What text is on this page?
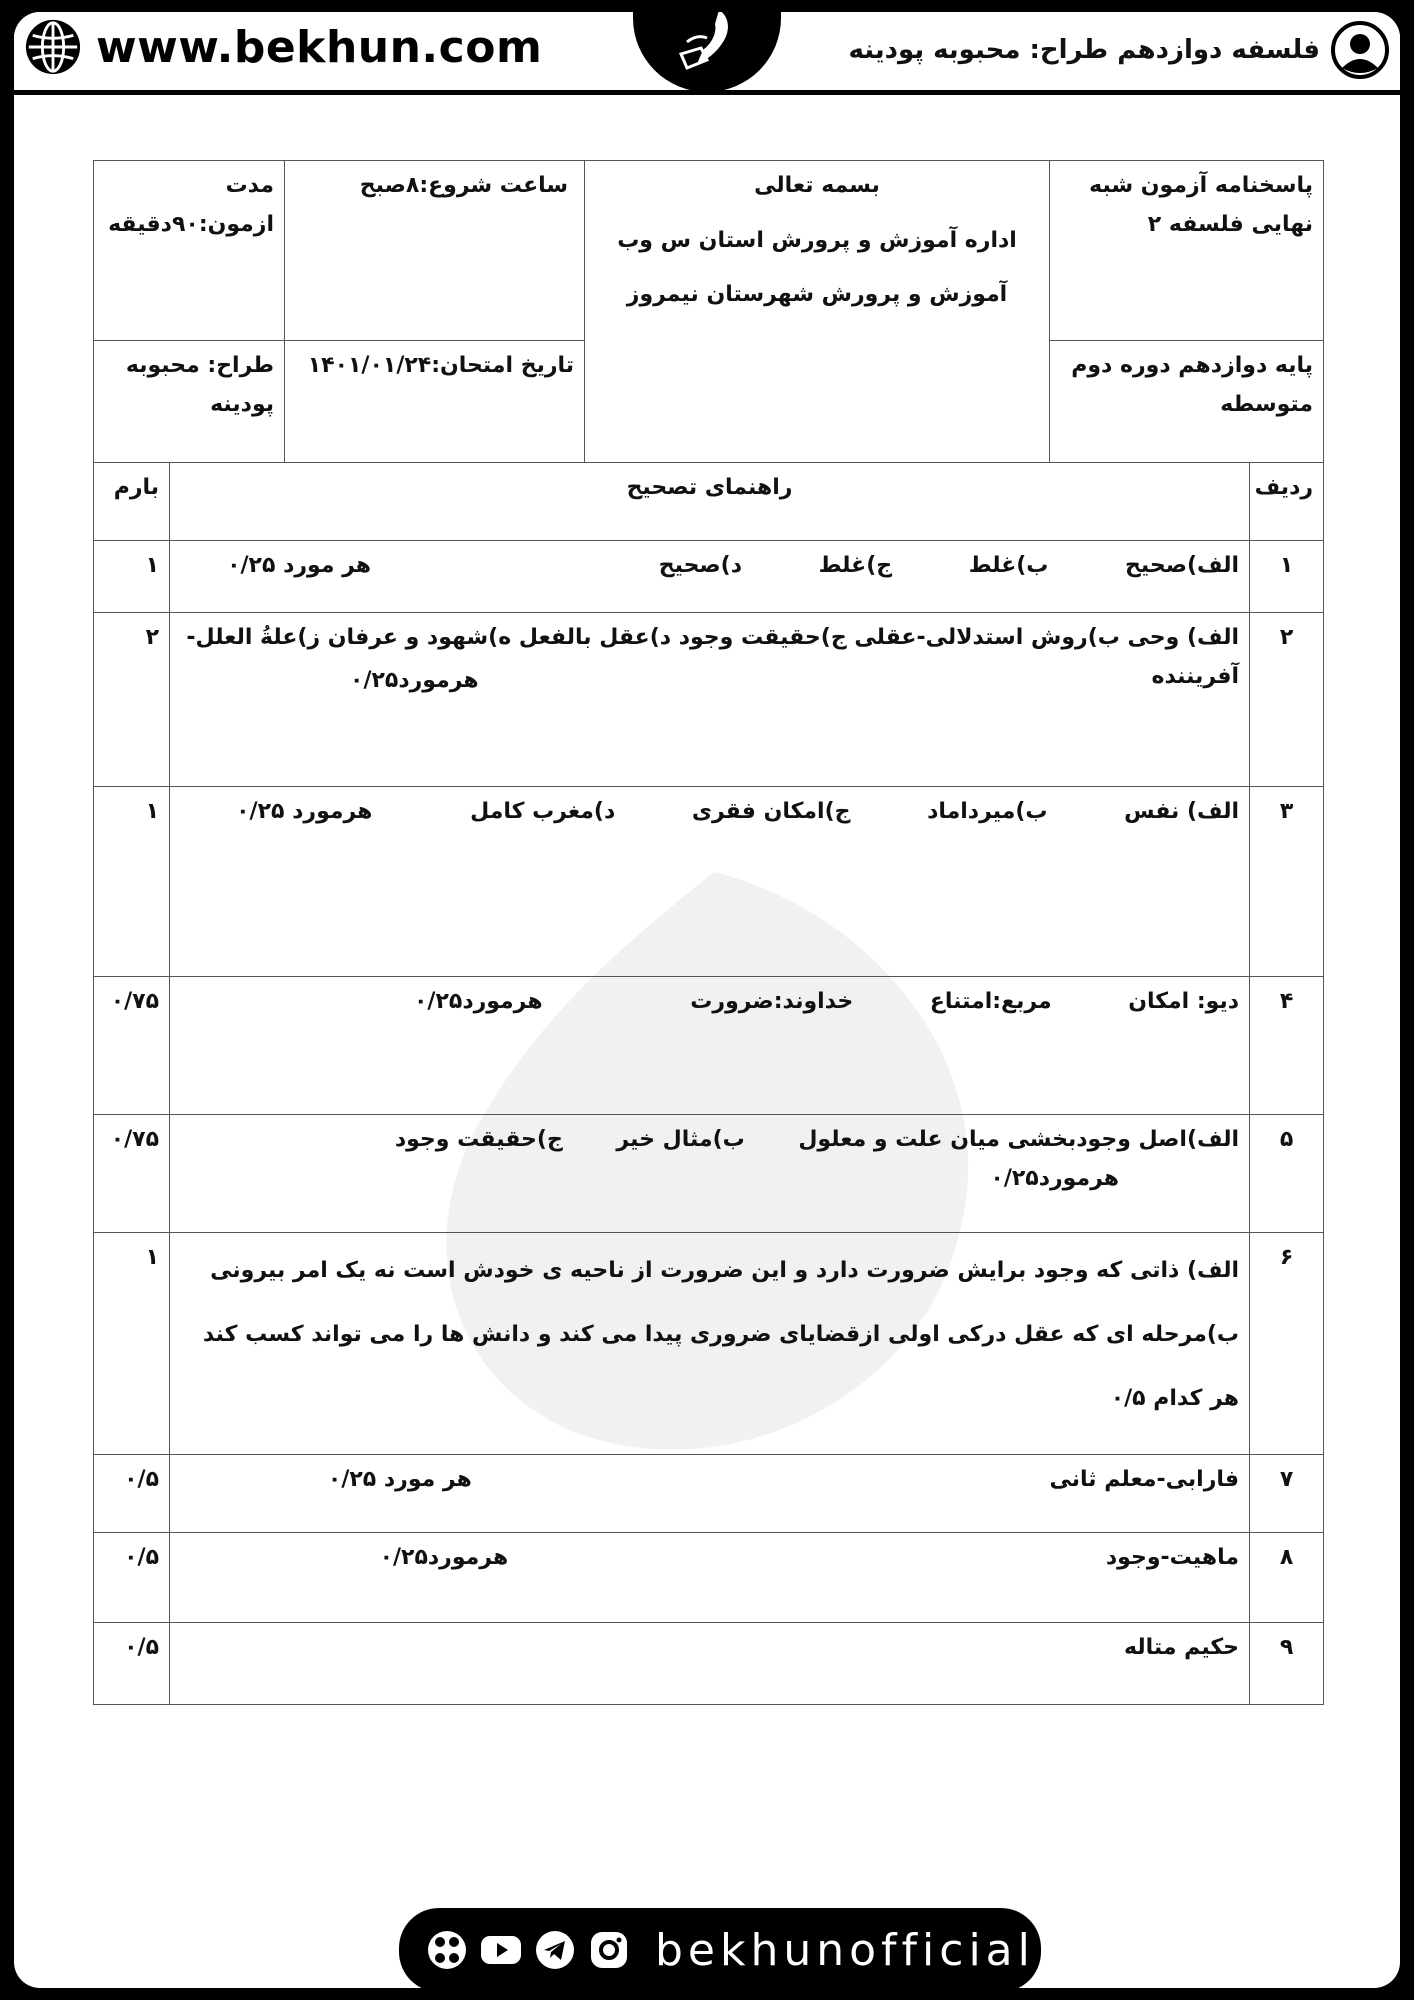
www.bekhun.com	فلسفه دوازدهم طراح: محبوبه پودینه
پاسخنامه آزمون شبه نهایی فلسفه ۲		بسمه تعالی
اداره آموزش و پرورش استان س وب
آموزش و پرورش شهرستان نیمروز	ساعت شروع:۸صبح	مدت ازمون:۹۰دقیقه	
پایه دوازدهم دوره دوم متوسطه			تاریخ امتحان:۱۴۰۱/۰۱/۲۴	طراح: محبوبه پودینه	
ردیف	راهنمای تصحیح				بارم
۱	الف)صحیح          ب)غلط          ج)غلط          د)صحیح هر مورد ۰/۲۵				۱
۲	الف) وحی ب)روش استدلالی-عقلی ج)حقیقت وجود د)عقل بالفعل ه)شهود و عرفان ز)علةُ العلل-آفریننده
هرمورد۰/۲۵				۲
۳	الف) نفس          ب)میرداماد          ج)امکان فقری          د)مغرب کامل هرمورد ۰/۲۵				۱
۴	دیو: امکان          مربع:امتناع          خداوند:ضرورت هرمورد۰/۲۵				۰/۷۵
۵	الف)اصل وجودبخشی میان علت و معلول       ب)مثال خیر       ج)حقیقت وجود هرمورد۰/۲۵				۰/۷۵
۶	الف) ذاتی که وجود برایش ضرورت دارد و این ضرورت از ناحیه ی خودش است نه یک امر بیرونی
ب)مرحله ای که عقل درکی اولی ازقضایای ضروری پیدا می کند و دانش ها را می تواند کسب کند
هر کدام ۰/۵				۱
۷	فارابی-معلم ثانی هر مورد ۰/۲۵				۰/۵
۸	ماهیت-وجود هرمورد۰/۲۵				۰/۵
۹	حکیم متاله				۰/۵
bekhunofficial
